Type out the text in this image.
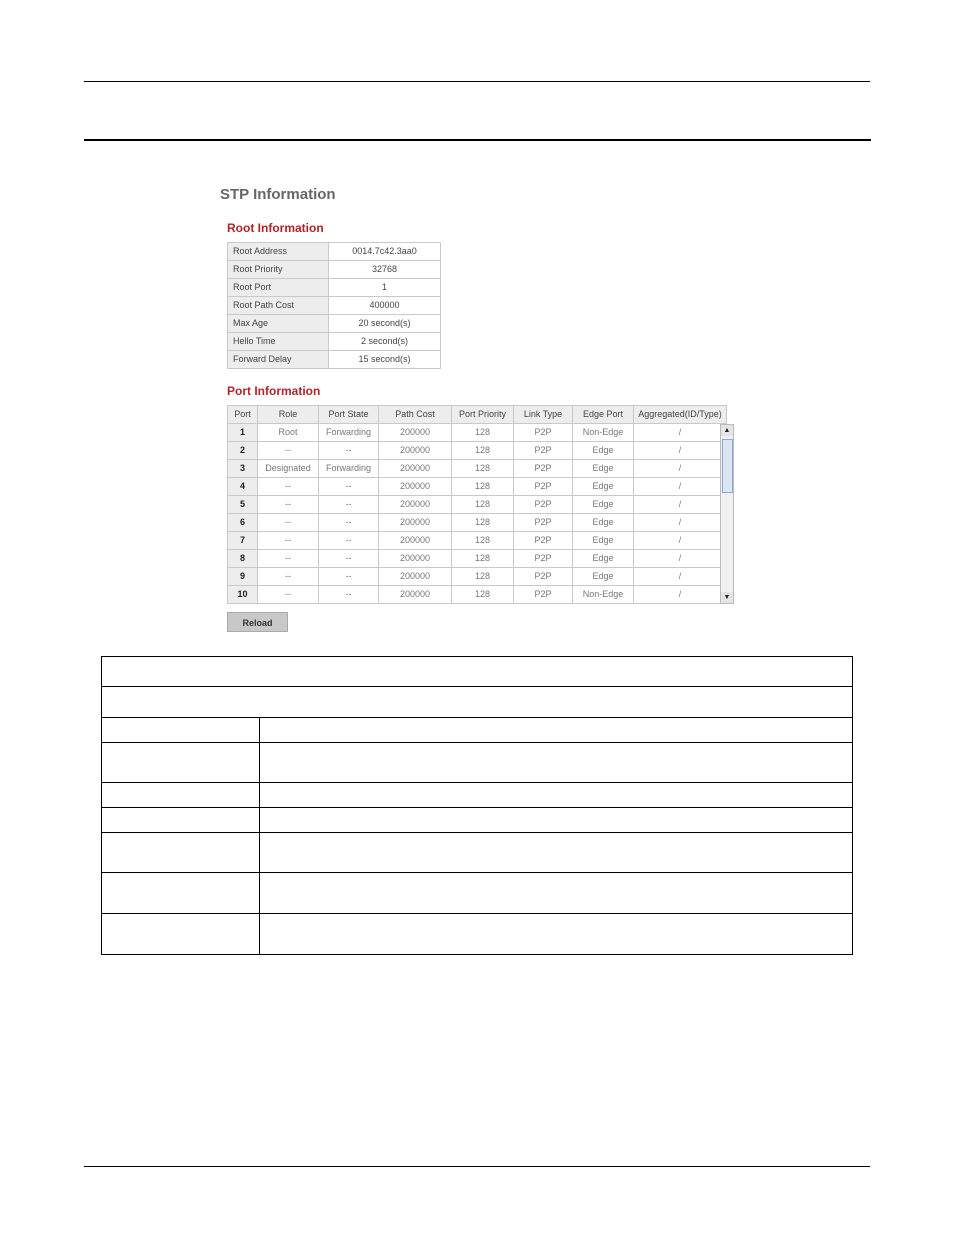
STP Information
Root Information
Root Address	0014.7c42.3aa0
Root Priority	32768
Root Port	1
Root Path Cost	400000
Max Age	20 second(s)
Hello Time	2 second(s)
Forward Delay	15 second(s)
Port Information
Port	Role	Port State	Path Cost	Port Priority	Link Type	Edge Port	Aggregated(ID/Type)
1	Root	Forwarding	200000	128	P2P	Non-Edge	/
2	--	--	200000	128	P2P	Edge	/
3	Designated	Forwarding	200000	128	P2P	Edge	/
4	--	--	200000	128	P2P	Edge	/
5	--	--	200000	128	P2P	Edge	/
6	--	--	200000	128	P2P	Edge	/
7	--	--	200000	128	P2P	Edge	/
8	--	--	200000	128	P2P	Edge	/
9	--	--	200000	128	P2P	Edge	/
10	--	--	200000	128	P2P	Non-Edge	/
▲
▼
Reload
